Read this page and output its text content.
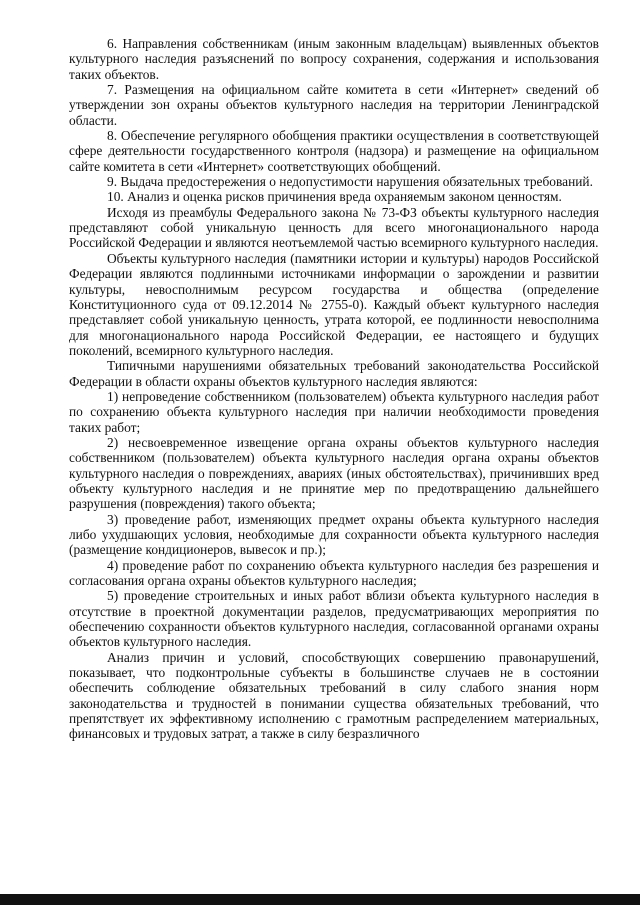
6. Направления собственникам (иным законным владельцам) выявленных объектов культурного наследия разъяснений по вопросу сохранения, содержания и использования таких объектов.

7. Размещения на официальном сайте комитета в сети «Интернет» сведений об утверждении зон охраны объектов культурного наследия на территории Ленинградской области.

8. Обеспечение регулярного обобщения практики осуществления в соответствующей сфере деятельности государственного контроля (надзора) и размещение на официальном сайте комитета в сети «Интернет» соответствующих обобщений.

9. Выдача предостережения о недопустимости нарушения обязательных требований.

10. Анализ и оценка рисков причинения вреда охраняемым законом ценностям.

Исходя из преамбулы Федерального закона № 73-ФЗ объекты культурного наследия представляют собой уникальную ценность для всего многонационального народа Российской Федерации и являются неотъемлемой частью всемирного культурного наследия.

Объекты культурного наследия (памятники истории и культуры) народов Российской Федерации являются подлинными источниками информации о зарождении и развитии культуры, невосполнимым ресурсом государства и общества (определение Конституционного суда от 09.12.2014 № 2755-0). Каждый объект культурного наследия представляет собой уникальную ценность, утрата которой, ее подлинности невосполнима для многонационального народа Российской Федерации, ее настоящего и будущих поколений, всемирного культурного наследия.

Типичными нарушениями обязательных требований законодательства Российской Федерации в области охраны объектов культурного наследия являются:

1) непроведение собственником (пользователем) объекта культурного наследия работ по сохранению объекта культурного наследия при наличии необходимости проведения таких работ;

2) несвоевременное извещение органа охраны объектов культурного наследия собственником (пользователем) объекта культурного наследия органа охраны объектов культурного наследия о повреждениях, авариях (иных обстоятельствах), причинивших вред объекту культурного наследия и не принятие мер по предотвращению дальнейшего разрушения (повреждения) такого объекта;

3) проведение работ, изменяющих предмет охраны объекта культурного наследия либо ухудшающих условия, необходимые для сохранности объекта культурного наследия (размещение кондиционеров, вывесок и пр.);

4) проведение работ по сохранению объекта культурного наследия без разрешения и согласования органа охраны объектов культурного наследия;

5) проведение строительных и иных работ вблизи объекта культурного наследия в отсутствие в проектной документации разделов, предусматривающих мероприятия по обеспечению сохранности объектов культурного наследия, согласованной органами охраны объектов культурного наследия.

Анализ причин и условий, способствующих совершению правонарушений, показывает, что подконтрольные субъекты в большинстве случаев не в состоянии обеспечить соблюдение обязательных требований в силу слабого знания норм законодательства и трудностей в понимании существа обязательных требований, что препятствует их эффективному исполнению с грамотным распределением материальных, финансовых и трудовых затрат, а также в силу безразличного
